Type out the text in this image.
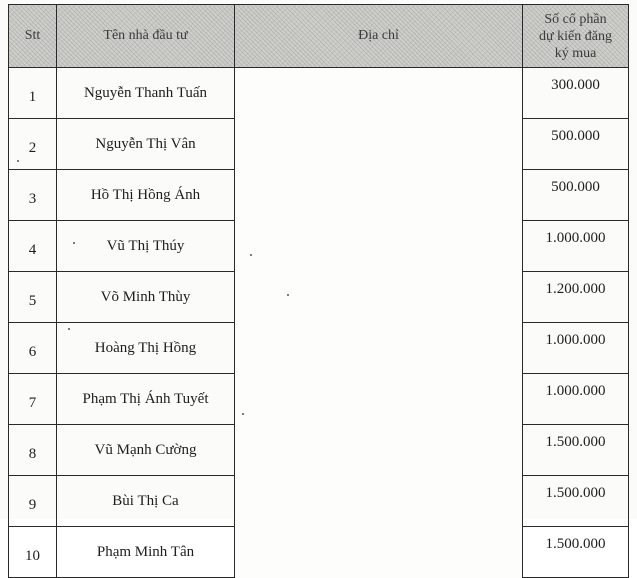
Stt	Tên nhà đầu tư	Địa chỉ	Số cổ phần
dự kiến đăng
ký mua
1	Nguyễn Thanh Tuấn		300.000
2	Nguyễn Thị Vân		500.000
3	Hồ Thị Hồng Ánh		500.000
4	Vũ Thị Thúy		1.000.000
5	Võ Minh Thùy		1.200.000
6	Hoàng Thị Hồng		1.000.000
7	Phạm Thị Ánh Tuyết		1.000.000
8	Vũ Mạnh Cường		1.500.000
9	Bùi Thị Ca		1.500.000
10	Phạm Minh Tân		1.500.000
